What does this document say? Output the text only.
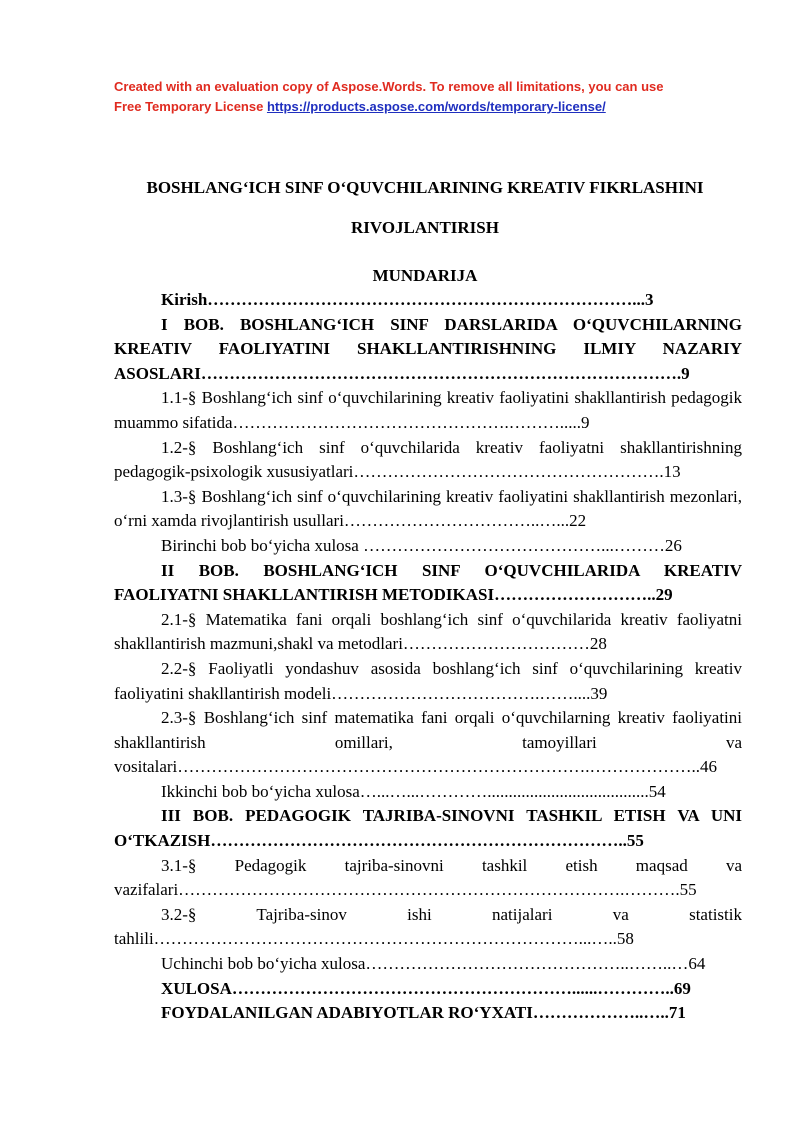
Created with an evaluation copy of Aspose.Words. To remove all limitations, you can use
Free Temporary License https://products.aspose.com/words/temporary-license/
BOSHLANG‘ICH SINF O‘QUVCHILARINING KREATIV FIKRLASHINI
RIVOJLANTIRISH
MUNDARIJA

Kirish…………………………………………………………………...3

I BOB. BOSHLANG‘ICH SINF DARSLARIDA O‘QUVCHILARNING KREATIV FAOLIYATINI SHAKLLANTIRISHNING ILMIY NAZARIY ASOSLARI………………………………………………………………………….9

1.1-§ Boshlang‘ich sinf o‘quvchilarining kreativ faoliyatini shakllantirish pedagogik muammo sifatida………………………………………….……….....9

1.2-§ Boshlang‘ich sinf o‘quvchilarida kreativ faoliyatni shakllantirishning pedagogik-psixologik xususiyatlari……………………………………………….13

1.3-§ Boshlang‘ich sinf o‘quvchilarining kreativ faoliyatini shakllantirish mezonlari, o‘rni xamda rivojlantirish usullari……………………………..…...22

Birinchi bob bo‘yicha xulosa ……………………………………...………26

II BOB. BOSHLANG‘ICH SINF O‘QUVCHILARIDA KREATIV FAOLIYATNI SHAKLLANTIRISH METODIKASI………………………..29

2.1-§ Matematika fani orqali boshlang‘ich sinf o‘quvchilarida kreativ faoliyatni shakllantirish mazmuni,shakl va metodlari……………………………28

2.2-§ Faoliyatli yondashuv asosida boshlang‘ich sinf o‘quvchilarining kreativ faoliyatini shakllantirish modeli……………………………….……....39

2.3-§ Boshlang‘ich sinf matematika fani orqali o‘quvchilarning kreativ faoliyatini shakllantirish omillari, tamoyillari va vositalari……………………………………………………………….………………..46

Ikkinchi bob bo‘yicha xulosa…...…...…………......................................54

III BOB. PEDAGOGIK TAJRIBA-SINOVNI TASHKIL ETISH VA UNI O‘TKAZISH………………………………………………………………..55

3.1-§ Pedagogik tajriba-sinovni tashkil etish maqsad va vazifalari…………………………………………………………………….……….55

3.2-§ Tajriba-sinov ishi natijalari va statistik tahlili…………………………………………………………………...…..58

Uchinchi bob bo‘yicha xulosa………………………………………..……..…64

XULOSA……………………………………………………......…………..69

FOYDALANILGAN ADABIYOTLAR RO‘YXATI………………..…..71
